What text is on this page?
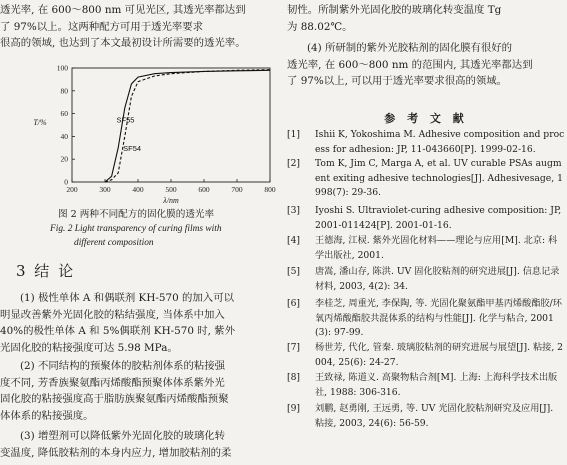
透光率, 在 600～800 nm 可见光区, 其透光率都达到
了 97%以上。这两种配方可用于透光率要求
很高的领域, 也达到了本文最初设计所需要的透光率。
200	300	400	500	600	700	800
0
20
40
60
80
100
λ/nm
T/%	SF55
SF54
图 2 两种不同配方的固化膜的透光率
Fig. 2 Light transparency of curing films with
different composition
3 结 论
(1) 极性单体 A 和偶联剂 KH-570 的加入可以
明显改善紫外光固化胶的粘结强度, 当体系中加入
40%的极性单体 A 和 5%偶联剂 KH-570 时, 紫外
光固化胶的粘接强度可达 5.98 MPa。
(2) 不同结构的预聚体的胶粘剂体系的粘接强
度不同, 芳香族聚氨酯丙烯酸酯预聚体体系紫外光
固化胶的粘接强度高于脂肪族聚氨酯丙烯酸酯预聚
体体系的粘接强度。
(3) 增塑剂可以降低紫外光固化胶的玻璃化转
变温度, 降低胶粘剂的本身内应力, 增加胶粘剂的柔
韧性。所制紫外光固化胶的玻璃化转变温度 Tg
为 88.02℃。
(4) 所研制的紫外光胶粘剂的固化膜有很好的
透光率, 在 600～800 nm 的范围内, 其透光率都达到
了 97%以上, 可以用于透光率要求很高的领域。
参 考 文 献
[1] Ishii K, Yokoshima M. Adhesive composition and process for adhesion: JP, 11-043660[P]. 1999-02-16.
[2] Tom K, Jim C, Marga A, et al. UV curable PSAs augment exiting adhesive technologies[J]. Adhesivesage, 1998(7): 29-36.
[3] Iyoshi S. Ultraviolet-curing adhesive composition: JP, 2001-011424[P]. 2001-01-16.
[4] 王德海, 江棂. 紫外光固化材料——理论与应用[M]. 北京: 科学出版社, 2001.
[5] 唐嵩, 潘山存, 陈洪. UV 固化胶粘剂的研究进展[J]. 信息记录材料, 2003, 4(2): 34.
[6] 李桂芝, 周重光, 李保陶, 等. 光固化聚氨酯甲基丙烯酸酯胶/环氧丙烯酸酯胶共混体系的结构与性能[J]. 化学与粘合, 2001(3): 97-99.
[7] 杨世芳, 代化, 管秦. 玻璃胶粘剂的研究进展与展望[J]. 粘接, 2004, 25(6): 24-27.
[8] 王致禄, 陈道义. 高聚物粘合剂[M]. 上海: 上海科学技术出版社, 1988: 306-316.
[9] 刘鹏, 赵勇刚, 王远勇, 等. UV 光固化胶粘剂研究及应用[J]. 粘接, 2003, 24(6): 56-59.
